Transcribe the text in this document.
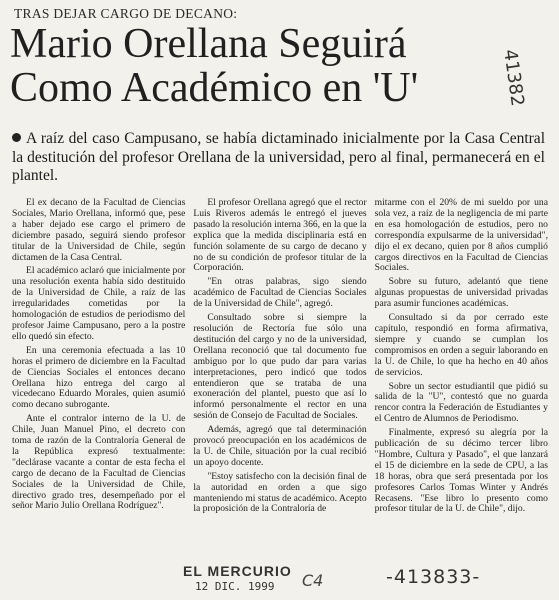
TRAS DEJAR CARGO DE DECANO:
Mario Orellana Seguirá
Como Académico en 'U'	41382
A raíz del caso Campusano, se había dictaminado inicialmente por la Casa Central la destitución del profesor Orellana de la universidad, pero al final, permanecerá en el plantel.

El ex decano de la Facultad de Ciencias Sociales, Mario Orellana, informó que, pese a haber dejado ese cargo el primero de diciembre pasado, seguirá siendo profesor titular de la Universidad de Chile, según dictamen de la Casa Central.

El académico aclaró que inicialmente por una resolución exenta había sido destituido de la Universidad de Chile, a raíz de las irregularidades cometidas por la homologación de estudios de periodismo del profesor Jaime Campusano, pero a la postre ello quedó sin efecto.

En una ceremonia efectuada a las 10 horas el primero de diciembre en la Facultad de Ciencias Sociales el entonces decano Orellana hizo entrega del cargo al vicedecano Eduardo Morales, quien asumió como decano subrogante.

Ante el contralor interno de la U. de Chile, Juan Manuel Pino, el decreto con toma de razón de la Contraloría General de la República expresó textualmente: "declárase vacante a contar de esta fecha el cargo de decano de la Facultad de Ciencias Sociales de la Universidad de Chile, directivo grado tres, desempeñado por el señor Mario Julio Orellana Rodríguez".

El profesor Orellana agregó que el rector Luis Riveros además le entregó el jueves pasado la resolución interna 366, en la que la explica que la medida disciplinaria está en función solamente de su cargo de decano y no de su condición de profesor titular de la Corporación.

"En otras palabras, sigo siendo académico de Facultad de Ciencias Sociales de la Universidad de Chile", agregó.

Consultado sobre si siempre la resolución de Rectoría fue sólo una destitución del cargo y no de la universidad, Orellana reconoció que tal documento fue ambiguo por lo que pudo dar para varias interpretaciones, pero indicó que todos entendieron que se trataba de una exoneración del plantel, puesto que así lo informó personalmente el rector en una sesión de Consejo de Facultad de Sociales.

Además, agregó que tal determinación provocó preocupación en los académicos de la U. de Chile, situación por la cual recibió un apoyo docente.

"Estoy satisfecho con la decisión final de la autoridad en orden a que sigo manteniendo mi status de académico. Acepto la proposición de la Contraloría de

mitarme con el 20% de mi sueldo por una sola vez, a raíz de la negligencia de mi parte en esa homologación de estudios, pero no correspondía expulsarme de la universidad", dijo el ex decano, quien por 8 años cumplió cargos directivos en la Facultad de Ciencias Sociales.

Sobre su futuro, adelantó que tiene algunas propuestas de universidad privadas para asumir funciones académicas.

Consultado si da por cerrado este capítulo, respondió en forma afirmativa, siempre y cuando se cumplan los compromisos en orden a seguir laborando en la U. de Chile, lo que ha hecho en 40 años de servicios.

Sobre un sector estudiantil que pidió su salida de la "U", contestó que no guarda rencor contra la Federación de Estudiantes y el Centro de Alumnos de Periodismo.

Finalmente, expresó su alegría por la publicación de su décimo tercer libro "Hombre, Cultura y Pasado", el que lanzará el 15 de diciembre en la sede de CPU, a las 18 horas, obra que será presentada por los profesores Carlos Tomas Winter y Andrés Recasens. "Ese libro lo presento como profesor titular de la U. de Chile", dijo.

EL MERCURIO
12 DIC. 1999 C4	-413833-
